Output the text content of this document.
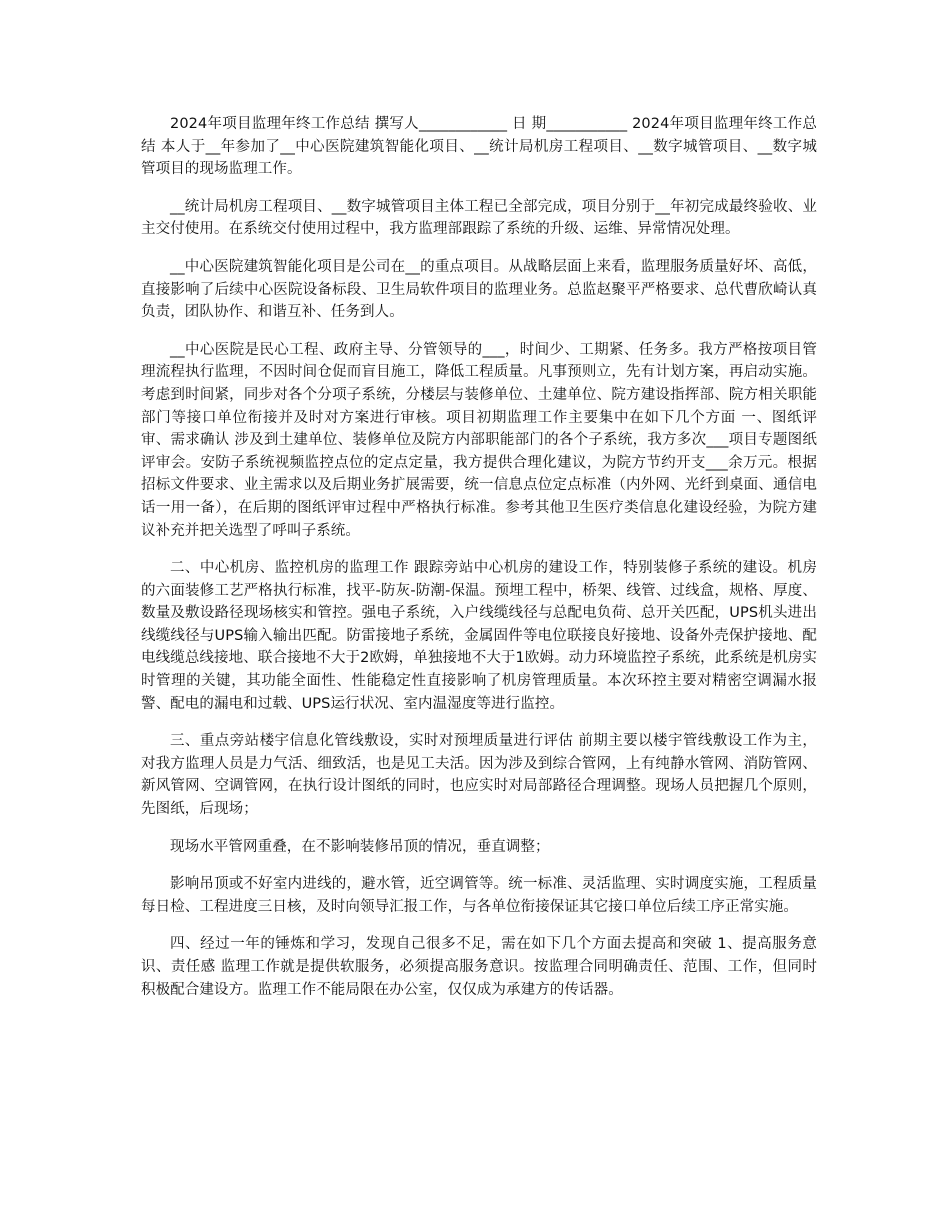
2024年项目监理年终工作总结 撰写人____________ 日 期___________ 2024年项目监理年终工作总结 本人于__年参加了__中心医院建筑智能化项目、__统计局机房工程项目、__数字城管项目、__数字城管项目的现场监理工作。

__统计局机房工程项目、__数字城管项目主体工程已全部完成，项目分别于__年初完成最终验收、业主交付使用。在系统交付使用过程中，我方监理部跟踪了系统的升级、运维、异常情况处理。

__中心医院建筑智能化项目是公司在__的重点项目。从战略层面上来看，监理服务质量好坏、高低，直接影响了后续中心医院设备标段、卫生局软件项目的监理业务。总监赵聚平严格要求、总代曹欣崎认真负责，团队协作、和谐互补、任务到人。

__中心医院是民心工程、政府主导、分管领导的___，时间少、工期紧、任务多。我方严格按项目管理流程执行监理，不因时间仓促而盲目施工，降低工程质量。凡事预则立，先有计划方案，再启动实施。考虑到时间紧，同步对各个分项子系统，分楼层与装修单位、土建单位、院方建设指挥部、院方相关职能部门等接口单位衔接并及时对方案进行审核。项目初期监理工作主要集中在如下几个方面 一、图纸评审、需求确认 涉及到土建单位、装修单位及院方内部职能部门的各个子系统，我方多次___项目专题图纸评审会。安防子系统视频监控点位的定点定量，我方提供合理化建议，为院方节约开支___余万元。根据招标文件要求、业主需求以及后期业务扩展需要，统一信息点位定点标准（内外网、光纤到桌面、通信电话一用一备），在后期的图纸评审过程中严格执行标准。参考其他卫生医疗类信息化建设经验，为院方建议补充并把关选型了呼叫子系统。

二、中心机房、监控机房的监理工作 跟踪旁站中心机房的建设工作，特别装修子系统的建设。机房的六面装修工艺严格执行标准，找平-防灰-防潮-保温。预埋工程中，桥架、线管、过线盒，规格、厚度、数量及敷设路径现场核实和管控。强电子系统，入户线缆线径与总配电负荷、总开关匹配，UPS机头进出线缆线径与UPS输入输出匹配。防雷接地子系统，金属固件等电位联接良好接地、设备外壳保护接地、配电线缆总线接地、联合接地不大于2欧姆，单独接地不大于1欧姆。动力环境监控子系统，此系统是机房实时管理的关键，其功能全面性、性能稳定性直接影响了机房管理质量。本次环控主要对精密空调漏水报警、配电的漏电和过载、UPS运行状况、室内温湿度等进行监控。

三、重点旁站楼宇信息化管线敷设，实时对预埋质量进行评估 前期主要以楼宇管线敷设工作为主，对我方监理人员是力气活、细致活，也是见工夫活。因为涉及到综合管网，上有纯静水管网、消防管网、新风管网、空调管网，在执行设计图纸的同时，也应实时对局部路径合理调整。现场人员把握几个原则，先图纸，后现场；

现场水平管网重叠，在不影响装修吊顶的情况，垂直调整；

影响吊顶或不好室内进线的，避水管，近空调管等。统一标准、灵活监理、实时调度实施，工程质量每日检、工程进度三日核，及时向领导汇报工作，与各单位衔接保证其它接口单位后续工序正常实施。

四、经过一年的锤炼和学习，发现自己很多不足，需在如下几个方面去提高和突破 1、提高服务意识、责任感 监理工作就是提供软服务，必须提高服务意识。按监理合同明确责任、范围、工作，但同时积极配合建设方。监理工作不能局限在办公室，仅仅成为承建方的传话器。
